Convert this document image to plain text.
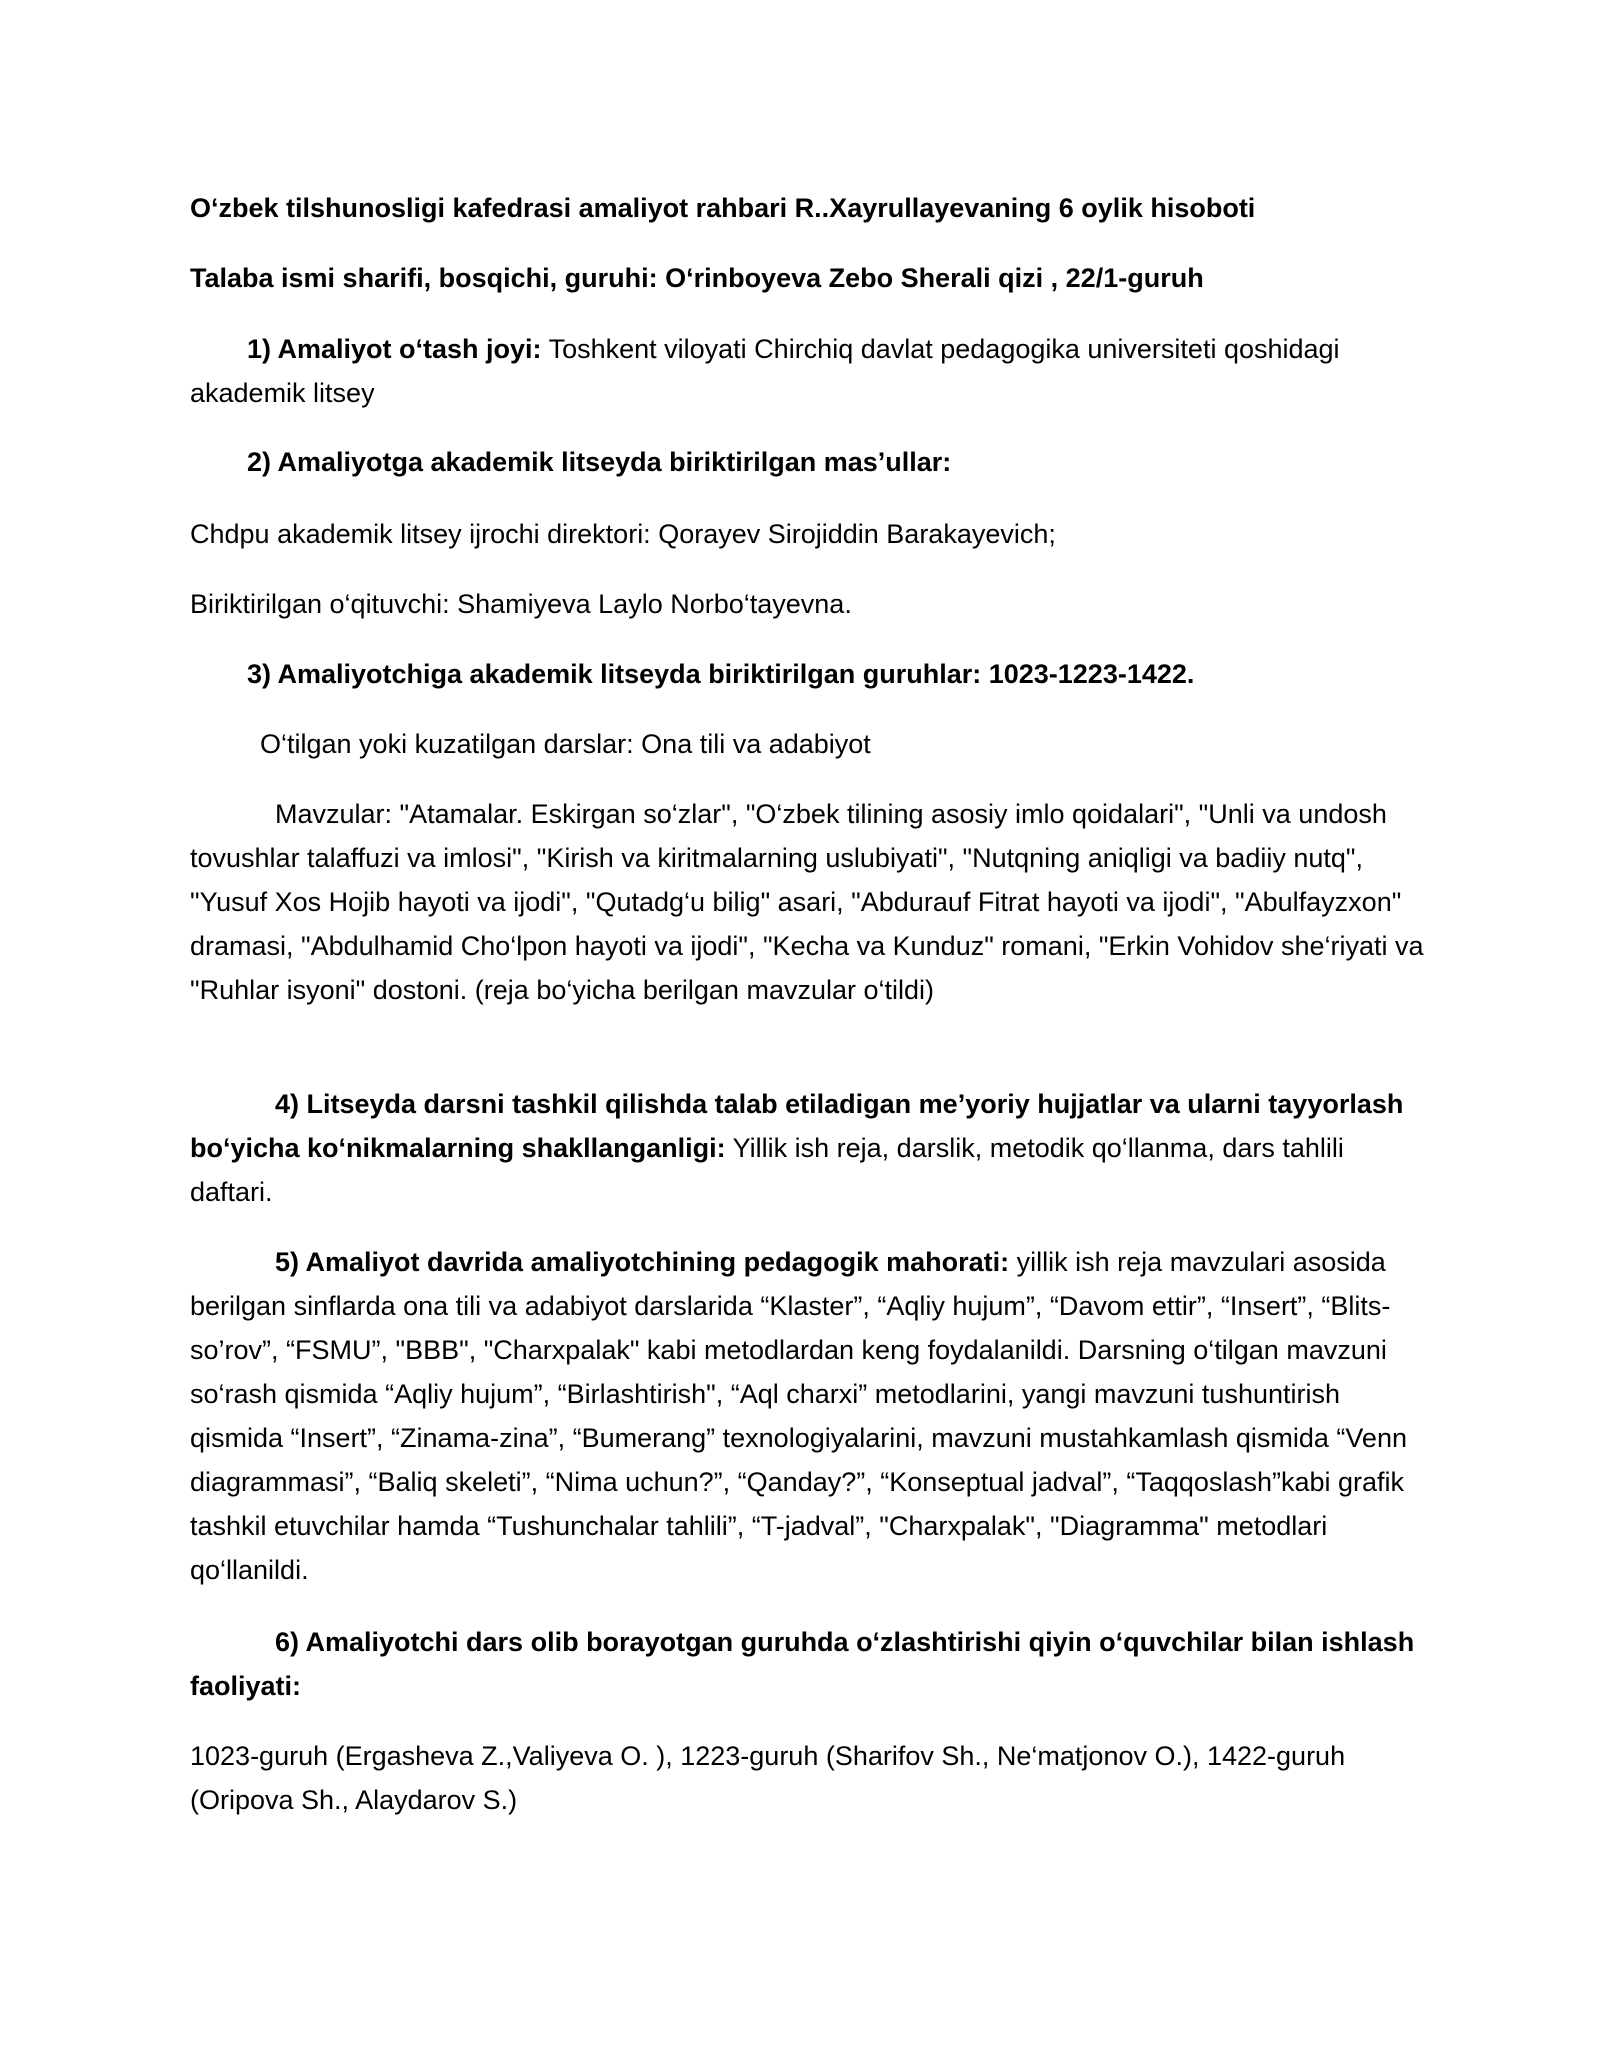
O‘zbek tilshunosligi kafedrasi amaliyot rahbari R..Xayrullayevaning 6 oylik hisoboti
Talaba ismi sharifi, bosqichi, guruhi: O‘rinboyeva Zebo Sherali qizi , 22/1-guruh
1) Amaliyot o‘tash joyi: Toshkent viloyati Chirchiq davlat pedagogika universiteti qoshidagi akademik litsey
2) Amaliyotga akademik litseyda biriktirilgan mas’ullar:
Chdpu akademik litsey ijrochi direktori: Qorayev Sirojiddin Barakayevich;
Biriktirilgan o‘qituvchi: Shamiyeva Laylo Norbo‘tayevna.
3) Amaliyotchiga akademik litseyda biriktirilgan guruhlar: 1023-1223-1422.
O‘tilgan yoki kuzatilgan darslar: Ona tili va adabiyot
Mavzular: "Atamalar. Eskirgan so‘zlar", "O‘zbek tilining asosiy imlo qoidalari", "Unli va undosh tovushlar talaffuzi va imlosi", "Kirish va kiritmalarning uslubiyati", "Nutqning aniqligi va badiiy nutq", "Yusuf Xos Hojib hayoti va ijodi", "Qutadg‘u bilig" asari, "Abdurauf Fitrat hayoti va ijodi", "Abulfayzxon" dramasi, "Abdulhamid Cho‘lpon hayoti va ijodi", "Kecha va Kunduz" romani, "Erkin Vohidov she‘riyati va "Ruhlar isyoni" dostoni. (reja bo‘yicha berilgan mavzular o‘tildi)
4) Litseyda darsni tashkil qilishda talab etiladigan me’yoriy hujjatlar va ularni tayyorlash bo‘yicha ko‘nikmalarning shakllanganligi: Yillik ish reja, darslik, metodik qo‘llanma, dars tahlili daftari.
5) Amaliyot davrida amaliyotchining pedagogik mahorati: yillik ish reja mavzulari asosida berilgan sinflarda ona tili va adabiyot darslarida “Klaster”, “Aqliy hujum”, “Davom ettir”, “Insert”, “Blits-so’rov”, “FSMU”, "BBB", "Charxpalak" kabi metodlardan keng foydalanildi. Darsning o‘tilgan mavzuni so‘rash qismida “Aqliy hujum”, “Birlashtirish", “Aql charxi” metodlarini, yangi mavzuni tushuntirish qismida “Insert”, “Zinama-zina”, “Bumerang” texnologiyalarini, mavzuni mustahkamlash qismida “Venn diagrammasi”, “Baliq skeleti”, “Nima uchun?”, “Qanday?”, “Konseptual jadval”, “Taqqoslash”kabi grafik tashkil etuvchilar hamda “Tushunchalar tahlili”, “T-jadval”, "Charxpalak", "Diagramma" metodlari qo‘llanildi.
6) Amaliyotchi dars olib borayotgan guruhda o‘zlashtirishi qiyin o‘quvchilar bilan ishlash faoliyati:
1023-guruh (Ergasheva Z.,Valiyeva O. ), 1223-guruh (Sharifov Sh., Ne‘matjonov O.), 1422-guruh (Oripova Sh., Alaydarov S.)
